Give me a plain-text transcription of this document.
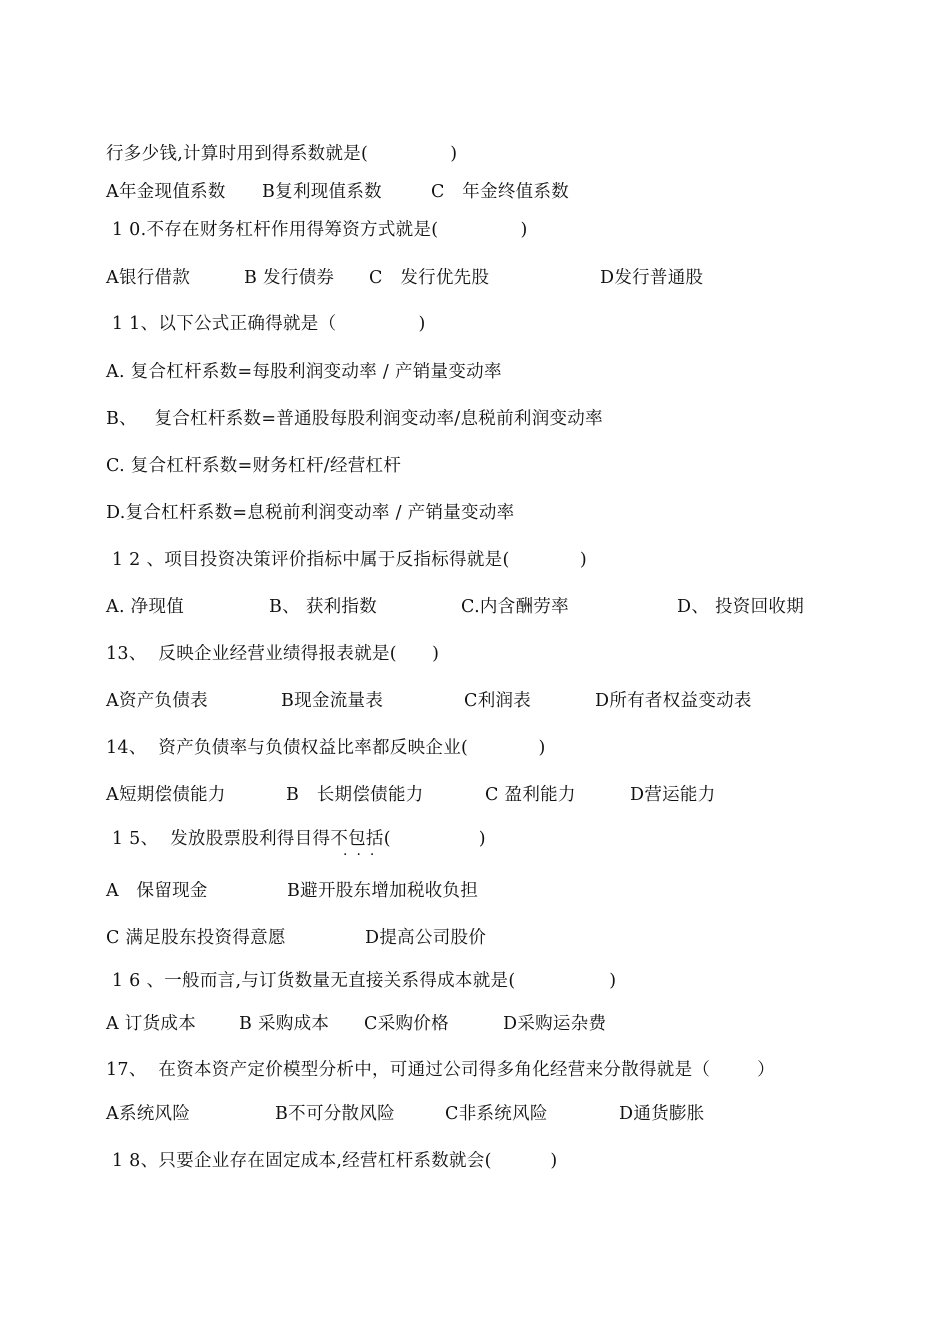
行多少钱,计算时用到得系数就是(              )

A年金现值系数

B复利现值系数

	C   年金终值系数

1 0.不存在财务杠杆作用得筹资方式就是(              )

A银行借款

	B 发行债券

C   发行优先股

	D发行普通股

1 1、以下公式正确得就是（              )
A. 复合杠杆系数=每股利润变动率 / 产销量变动率
B、   复合杠杆系数=普通股每股利润变动率/息税前利润变动率
C. 复合杠杆系数=财务杠杆/经营杠杆
D.复合杠杆系数=息税前利润变动率 / 产销量变动率
1 2 、项目投资决策评价指标中属于反指标得就是(            )

A. 净现值

	B、 获利指数

	C.内含酬劳率

	D、 投资回收期

13、  反映企业经营业绩得报表就是(      )

A资产负债表

	B现金流量表

	C利润表

	D所有者权益变动表

14、  资产负债率与负债权益比率都反映企业(            )

A短期偿债能力

	B   长期偿债能力

	C 盈利能力

	D营运能力

1 5、  发放股票股利得目得不包括(               )
···

A   保留现金

	B避开股东增加税收负担

C 满足股东投资得意愿

	D提高公司股价

1 6 、一般而言,与订货数量无直接关系得成本就是(                )

A 订货成本

B 采购成本

C采购价格

	D采购运杂费

17、  在资本资产定价模型分析中，可通过公司得多角化经营来分散得就是（        ）

A系统风险

	B不可分散风险

	C非系统风险

	D通货膨胀

1 8、只要企业存在固定成本,经营杠杆系数就会(          )
